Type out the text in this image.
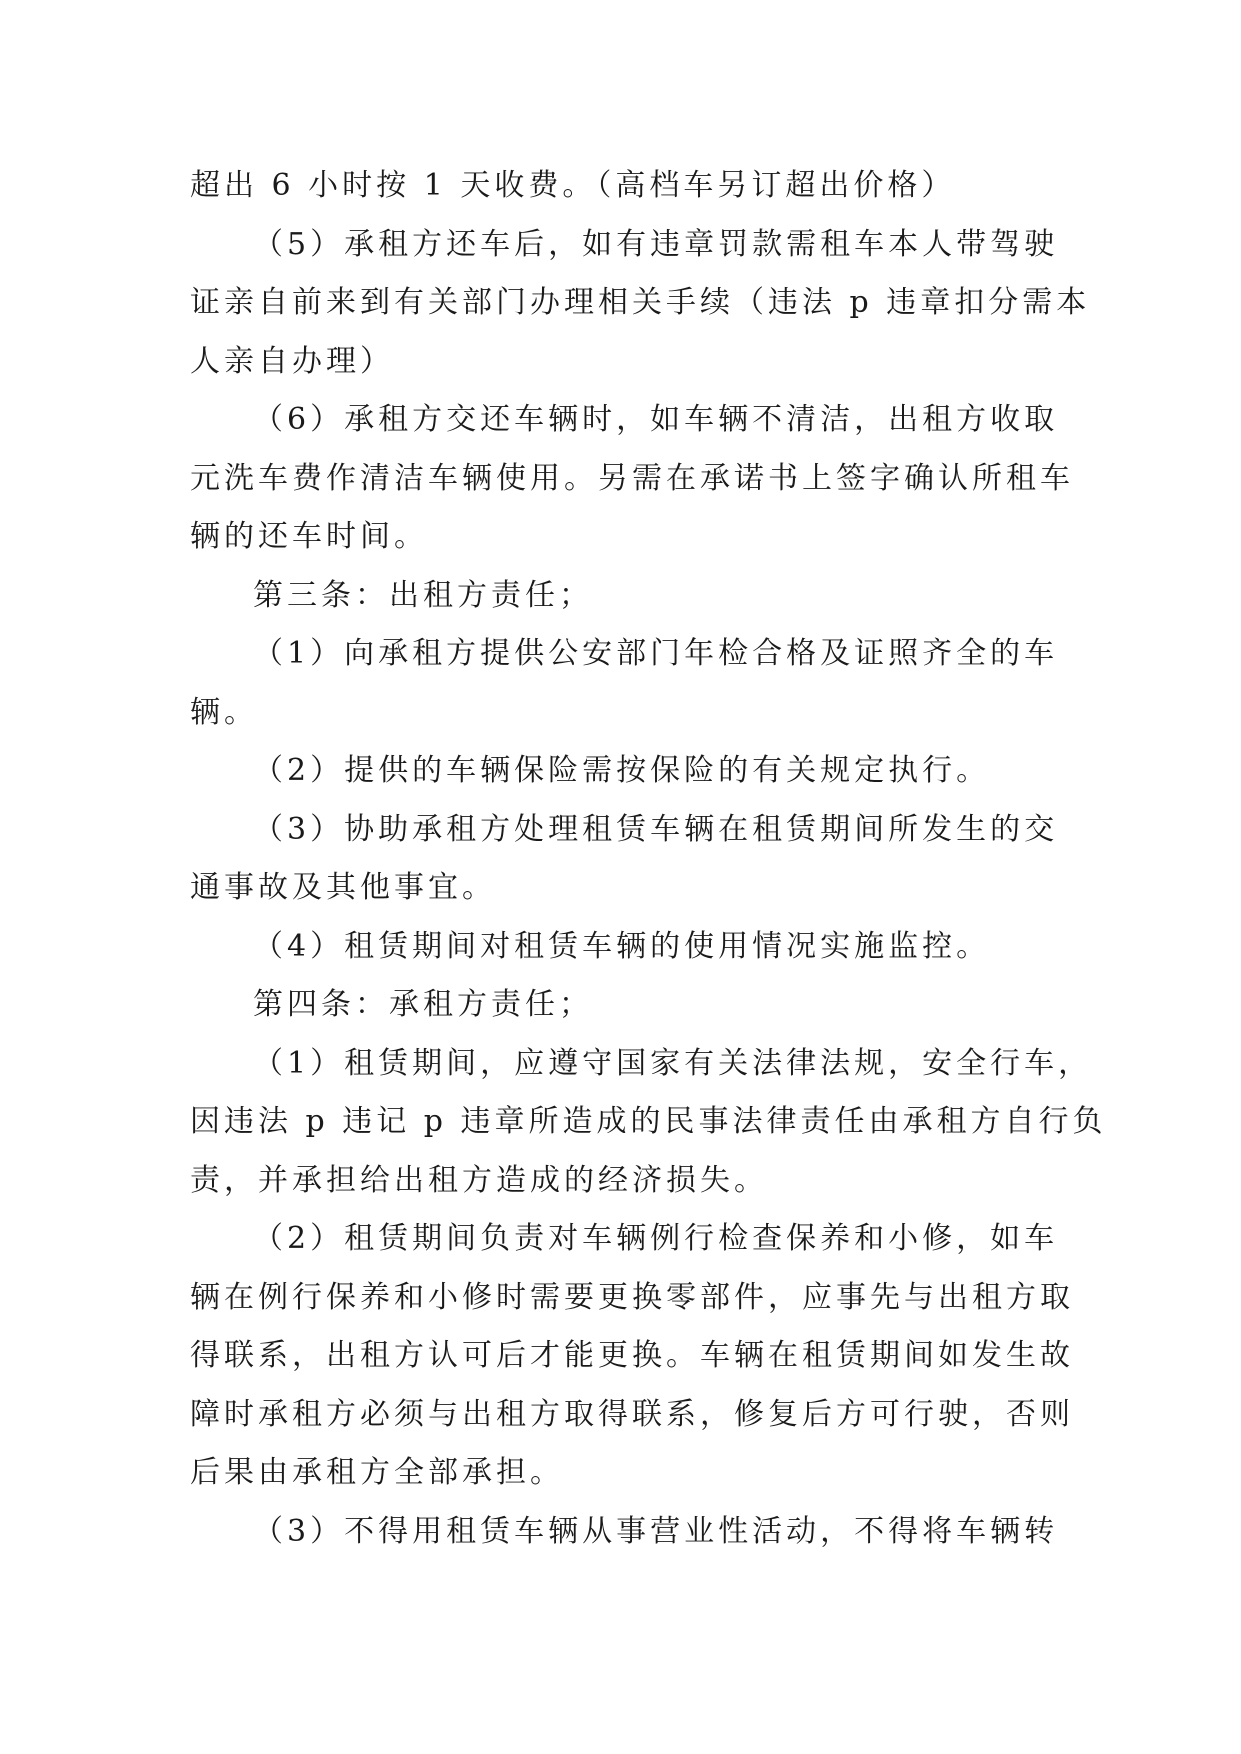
超出 6 小时按 1 天收费。（高档车另订超出价格）
（5）承租方还车后，如有违章罚款需租车本人带驾驶
证亲自前来到有关部门办理相关手续（违法 p 违章扣分需本
人亲自办理）
（6）承租方交还车辆时，如车辆不清洁，出租方收取
元洗车费作清洁车辆使用。另需在承诺书上签字确认所租车
辆的还车时间。
第三条：出租方责任；
（1）向承租方提供公安部门年检合格及证照齐全的车
辆。
（2）提供的车辆保险需按保险的有关规定执行。
（3）协助承租方处理租赁车辆在租赁期间所发生的交
通事故及其他事宜。
（4）租赁期间对租赁车辆的使用情况实施监控。
第四条：承租方责任；
（1）租赁期间，应遵守国家有关法律法规，安全行车，
因违法 p 违记 p 违章所造成的民事法律责任由承租方自行负
责，并承担给出租方造成的经济损失。
（2）租赁期间负责对车辆例行检查保养和小修，如车
辆在例行保养和小修时需要更换零部件，应事先与出租方取
得联系，出租方认可后才能更换。车辆在租赁期间如发生故
障时承租方必须与出租方取得联系，修复后方可行驶，否则
后果由承租方全部承担。
（3）不得用租赁车辆从事营业性活动，不得将车辆转
